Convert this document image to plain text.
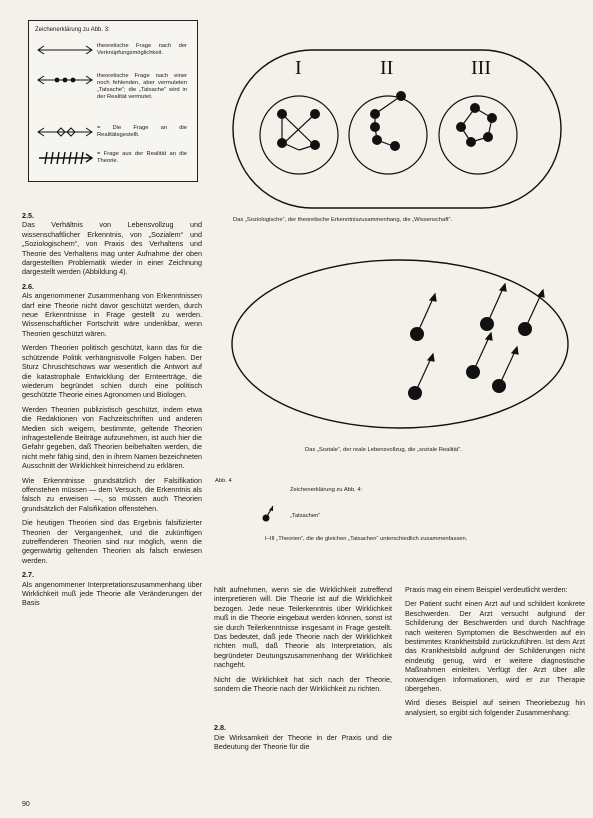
Zeichenerklärung zu Abb. 3:
theoretische Frage nach der Verknüpfungsmöglichkeit.
theoretische Frage nach einer noch fehlenden, aber vermuteten „Tatsache“; die „Tatsache“ wird in der Realität vermutet.
= Die Frage an die Realitätsgestellt.
= Frage aus der Realität an die Theorie.
I	II	III
Das „Soziologische“, der theoretische Erkenntniszusammenhang, die „Wissenschaft“.
Das „Soziale“, der reale Lebensvollzug, die „soziale Realität“.
Abb. 4
Zeichenerklärung zu Abb. 4:
„Tatsachen“
I–III „Theorien“, die die gleichen „Tatsachen“ unterschiedlich zusammenfassen.
2.5.

Das Verhältnis von Lebensvollzug und wissenschaftlicher Erkenntnis, von „Sozialem“ und „Soziologischem“, von Praxis des Verhaltens und Theorie des Verhaltens mag unter Aufnahme der oben dargestellten Problematik wieder in einer Zeichnung dargestellt werden (Abbildung 4).

2.6.

Als angenommener Zusammenhang von Erkenntnissen darf eine Theorie nicht davor geschützt werden, durch neue Erkenntnisse in Frage gestellt zu werden. Wissenschaftlicher Fortschritt wäre undenkbar, wenn Theorien geschützt wären.

Werden Theorien politisch geschützt, kann das für die schützende Politik verhängnisvolle Folgen haben. Der Sturz Chruschtschows war wesentlich die Antwort auf die katastrophale Entwicklung der Ernteerträge, die wiederum begründet schien durch eine politisch geschützte Theorie eines Agronomen und Biologen.

Werden Theorien publizistisch geschützt, indem etwa die Redaktionen von Fachzeitschriften und anderen Medien sich weigern, bestimmte, geltende Theorien infragestellende Beiträge aufzunehmen, ist auch hier die Gefahr gegeben, daß Theorien beibehalten werden, die nicht mehr fähig sind, den in ihrem Namen bezeichneten Ausschnitt der Wirklichkeit hinreichend zu erklären.

Wie Erkenntnisse grundsätzlich der Falsifikation offenstehen müssen — dem Versuch, die Erkenntnis als falsch zu erweisen —, so müssen auch Theorien grundsätzlich der Falsifikation offenstehen.

Die heutigen Theorien sind das Ergebnis falsifizierter Theorien der Vergangenheit, und die zukünftigen zutreffenderen Theorien sind nur möglich, wenn die gegenwärtig geltenden Theorien als falsch erwiesen werden.

2.7.

Als angenommener Interpretationszusammenhang über Wirklichkeit muß jede Theorie alle Veränderungen der Basis

90

hält aufnehmen, wenn sie die Wirklichkeit zutreffend interpretieren will. Die Theorie ist auf die Wirklichkeit bezogen. Jede neue Teilerkenntnis über Wirklichkeit muß in die Theorie eingebaut werden können, sonst ist sie durch Teilerkenntnisse insgesamt in Frage gestellt. Das bedeutet, daß jede Theorie nach der Wirklichkeit richten muß, daß Theorie als Interpretation, als begründeter Deutungszusammenhang der Wirklichkeit nachgeht.

Nicht die Wirklichkeit hat sich nach der Theorie, sondern die Theorie nach der Wirklichkeit zu richten.

2.8.

Die Wirksamkeit der Theorie in der Praxis und die Bedeutung der Theorie für die

Praxis mag ein einem Beispiel verdeutlicht werden:

Der Patient sucht einen Arzt auf und schildert konkrete Beschwerden. Der Arzt versucht aufgrund der Schilderung der Beschwerden und durch Nachfrage nach weiteren Symptomen die Beschwerden auf ein bestimmtes Krankheitsbild zurückzuführen. Ist dem Arzt das Krankheitsbild aufgrund der Schilderungen nicht eindeutig genug, wird er weitere diagnostische Maßnahmen einleiten. Verfügt der Arzt über alle notwendigen Informationen, wird er zur Therapie übergehen.

Wird dieses Beispiel auf seinen Theoriebezug hin analysiert, so ergibt sich folgender Zusammenhang:
